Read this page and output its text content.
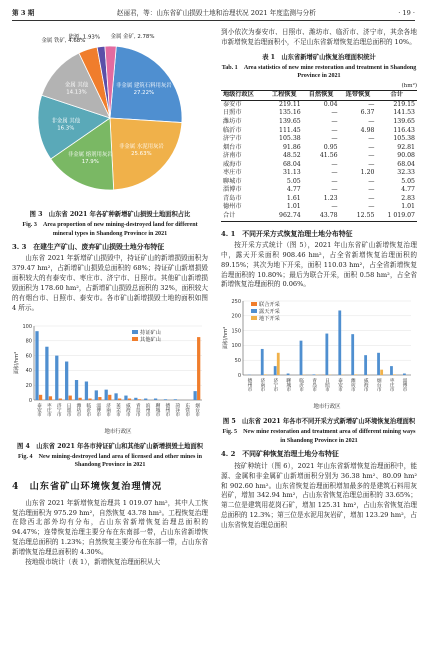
第 3 期	赵丽君，等：山东省矿山损毁土地和治理状况 2021 年度监测与分析	· 19 ·
非金属 建筑石料用灰岩
27.22%
非金属 水泥用灰岩
25.63%
非金属 熔剂用灰岩
17.9%
非金属 其他
16.3%
金属 其他
14.13%
金属 铁矿, 4.68%
能源, 1.93% 金属 金矿, 2.78%
图 3　山东省 2021 年各矿种新增矿山损毁土地面积占比
Fig. 3　Area proportion of new mining-destroyed land for different mineral types in Shandong Province in 2021
3. 3　在建生产矿山、废弃矿山损毁土地分布特征

山东省 2021 年新增矿山损毁中，持证矿山的新增损毁面积为 379.47 hm²，占新增矿山损毁总面积的 68%；持证矿山新增损毁面积较大的有泰安市、枣庄市、济宁市、日照市。其他矿山新增损毁面积为 178.60 hm²，占新增矿山损毁总面积的 32%，面积较大的有烟台市、日照市、泰安市。各市矿山新增损毁土地的面积如图 4 所示。

0
20
40
60
80
100
泰安市 枣庄市 济宁市 日照市 潍坊市 临沂市 淄博市 济南市 莱芜市 威海市 青岛市 滨州市 聊城市 德州市 菏泽市 东营市 烟台市
面积/hm²
地市行政区
持证矿山
其他矿山
图 4　山东省 2021 年各市持证矿山和其他矿山新增损毁土地面积
Fig. 4　New mining-destroyed land area of licensed and other mines in Shandong Province in 2021
4　山东省矿山环境恢复治理情况

山东省 2021 年新增恢复治理共 1 019.07 hm²，其中人工恢复治理面积为 975.29 hm²，自然恢复 43.78 hm²。工程恢复治理在除西北部外均有分布，占山东省新增恢复治理总面积的 94.47%；连带恢复治理主要分布在东南部一带，占山东省新增恢复治理总面积的 1.23%；自然恢复主要分布在东部一带，占山东省新增恢复治理总面积的 4.30%。

按地级市统计（表 1），新增恢复治理面积从大

到小依次为泰安市、日照市、潍坊市、临沂市、济宁市，其余各地市新增恢复治理面积小，不足山东省新增恢复治理总面积的 10%。

表 1　山东省新增矿山恢复治理面积统计
Tab. 1　Area statistics of new mine restoration and treatment in Shandong Province in 2021
(hm²)
地级行政区	工程恢复	自然恢复	连带恢复	合计
泰安市	219.11	0.04	—	219.15
日照市	135.16	—	6.37	141.53
潍坊市	139.65	—	—	139.65
临沂市	111.45	—	4.98	116.43
济宁市	105.38	—	—	105.38
烟台市	91.86	0.95	—	92.81
济南市	48.52	41.56	—	90.08
威海市	68.04	—	—	68.04
枣庄市	31.13	—	1.20	32.33
聊城市	5.05	—	—	5.05
淄博市	4.77	—	—	4.77
青岛市	1.61	1.23	—	2.83
德州市	1.01	—	—	1.01
合计	962.74	43.78	12.55	1 019.07
4. 1　不同开采方式恢复治理土地分布特征

按开采方式统计（图 5），2021 年山东省矿山新增恢复治理中，露天开采面积 908.46 hm²，占全省新增恢复治理面积的 89.15%；其次为地下开采，面积 110.03 hm²，占全省新增恢复治理面积的 10.80%；最后为联合开采，面积 0.58 hm²，占全省新增恢复治理面积的 0.06%。

0
50
100
150
200
250
德州市 济南市 济宁市 聊城市 临沂市 青岛市 日照市 泰安市 潍坊市 威海市 烟台市 枣庄市 淄博市
面积/hm²
地市行政区
联合开采
露天开采
地下开采
图 5　山东省 2021 年各市不同开采方式新增矿山环境恢复治理面积
Fig. 5　New mine restoration and treatment area of different mining ways in Shandong Province in 2021
4. 2　不同矿种恢复治理土地分布特征

按矿种统计（图 6），2021 年山东省新增恢复治理面积中，能源、金属和非金属矿山新增面积分别为 36.38 hm²、80.09 hm² 和 902.60 hm²。山东省恢复治理面积增加最多的是建筑石料用灰岩矿，增加 342.94 hm²，占山东省恢复治理总面积的 33.65%；第二位是建筑用花岗石矿，增加 125.31 hm²，占山东省恢复治理总面积的 12.3%；第三位是水泥用灰岩矿，增加 123.29 hm²，占山东省恢复治理总面积
